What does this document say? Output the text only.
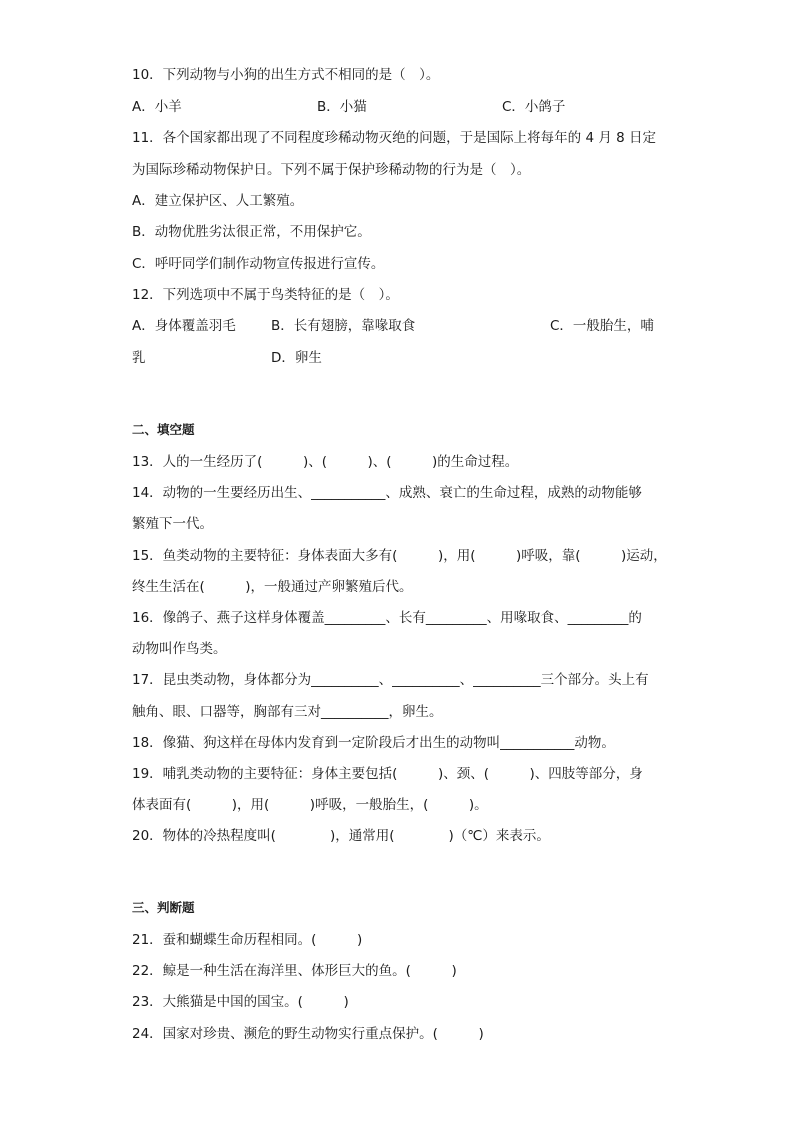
10．下列动物与小狗的出生方式不相同的是（　）。
A．小羊	B．小猫	C．小鸽子
11．各个国家都出现了不同程度珍稀动物灭绝的问题，于是国际上将每年的 4 月 8 日定
为国际珍稀动物保护日。下列不属于保护珍稀动物的行为是（　）。
A．建立保护区、人工繁殖。
B．动物优胜劣汰很正常，不用保护它。
C．呼吁同学们制作动物宣传报进行宣传。
12．下列选项中不属于鸟类特征的是（　）。
A．身体覆盖羽毛	B．长有翅膀，靠喙取食	C．一般胎生，哺
乳	D．卵生
二、填空题
13．人的一生经历了(　　　)、(　　　)、(　　　)的生命过程。
14．动物的一生要经历出生、___________、成熟、衰亡的生命过程，成熟的动物能够
繁殖下一代。
15．鱼类动物的主要特征：身体表面大多有(　　　)，用(　　　)呼吸，靠(　　　)运动，
终生生活在(　　　)，一般通过产卵繁殖后代。
16．像鸽子、燕子这样身体覆盖_________、长有_________、用喙取食、_________的
动物叫作鸟类。
17．昆虫类动物，身体都分为__________、__________、__________三个部分。头上有
触角、眼、口器等，胸部有三对__________，卵生。
18．像猫、狗这样在母体内发育到一定阶段后才出生的动物叫___________动物。
19．哺乳类动物的主要特征：身体主要包括(　　　)、颈、(　　　)、四肢等部分，身
体表面有(　　　)，用(　　　)呼吸，一般胎生，(　　　)。
20．物体的冷热程度叫(　　　　)，通常用(　　　　)（℃）来表示。
三、判断题
21．蚕和蝴蝶生命历程相同。(　　　)
22．鲸是一种生活在海洋里、体形巨大的鱼。(　　　)
23．大熊猫是中国的国宝。(　　　)
24．国家对珍贵、濒危的野生动物实行重点保护。(　　　)
